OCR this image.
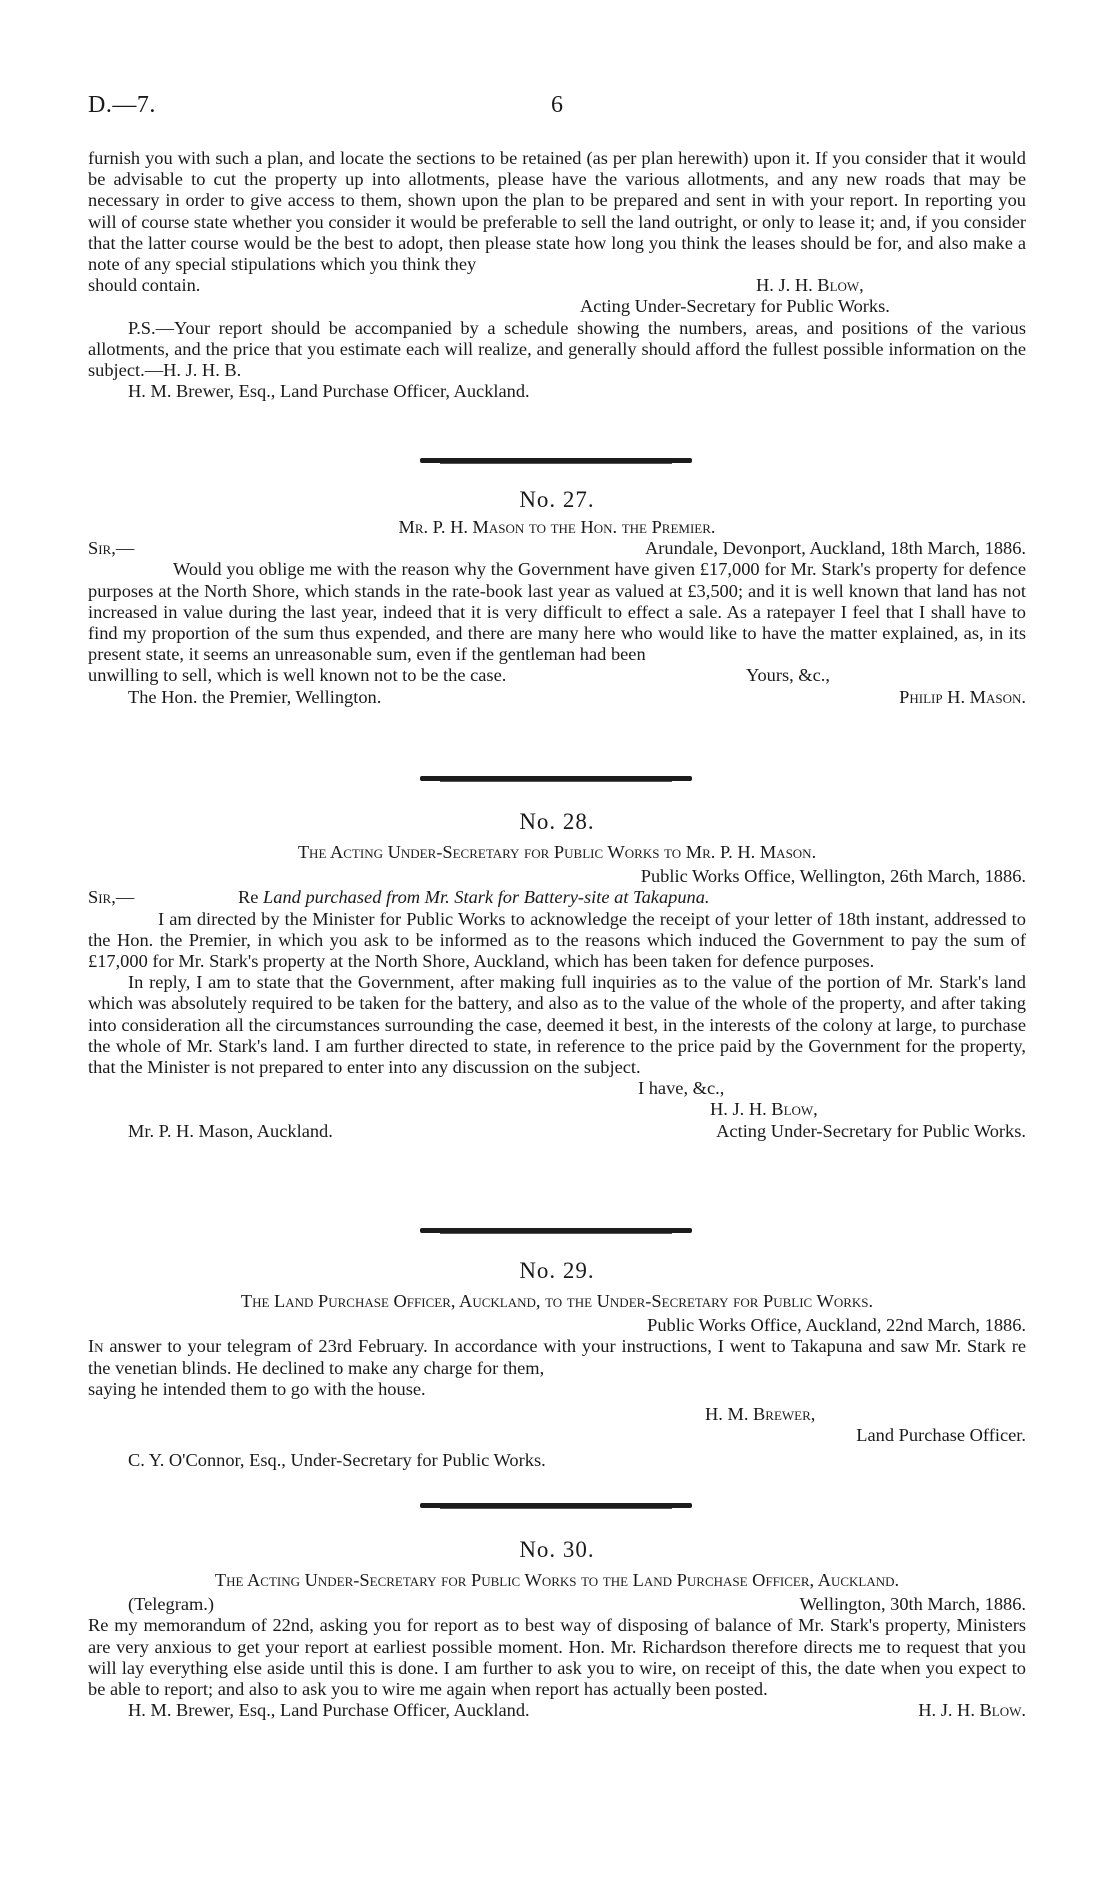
D.—7.	6

furnish you with such a plan, and locate the sections to be retained (as per plan herewith) upon it. If you consider that it would be advisable to cut the property up into allotments, please have the various allotments, and any new roads that may be necessary in order to give access to them, shown upon the plan to be prepared and sent in with your report. In reporting you will of course state whether you consider it would be preferable to sell the land outright, or only to lease it; and, if you consider that the latter course would be the best to adopt, then please state how long you think the leases should be for, and also make a note of any special stipulations which you think they

should contain.	H. J. H. Blow,
Acting Under-Secretary for Public Works.

P.S.—Your report should be accompanied by a schedule showing the numbers, areas, and positions of the various allotments, and the price that you estimate each will realize, and generally should afford the fullest possible information on the subject.—H. J. H. B.

H. M. Brewer, Esq., Land Purchase Officer, Auckland.
No. 27.
Mr. P. H. Mason to the Hon. the Premier.
Sir,—	Arundale, Devonport, Auckland, 18th March, 1886.

Would you oblige me with the reason why the Government have given £17,000 for Mr. Stark's property for defence purposes at the North Shore, which stands in the rate-book last year as valued at £3,500; and it is well known that land has not increased in value during the last year, indeed that it is very difficult to effect a sale. As a ratepayer I feel that I shall have to find my proportion of the sum thus expended, and there are many here who would like to have the matter explained, as, in its present state, it seems an unreasonable sum, even if the gentleman had been

unwilling to sell, which is well known not to be the case.	Yours, &c.,
The Hon. the Premier, Wellington.	Philip H. Mason.
No. 28.
The Acting Under-Secretary for Public Works to Mr. P. H. Mason.
Public Works Office, Wellington, 26th March, 1886.
Sir,—	Re Land purchased from Mr. Stark for Battery-site at Takapuna.

I am directed by the Minister for Public Works to acknowledge the receipt of your letter of 18th instant, addressed to the Hon. the Premier, in which you ask to be informed as to the reasons which induced the Government to pay the sum of £17,000 for Mr. Stark's property at the North Shore, Auckland, which has been taken for defence purposes.

In reply, I am to state that the Government, after making full inquiries as to the value of the portion of Mr. Stark's land which was absolutely required to be taken for the battery, and also as to the value of the whole of the property, and after taking into consideration all the circumstances surrounding the case, deemed it best, in the interests of the colony at large, to purchase the whole of Mr. Stark's land. I am further directed to state, in reference to the price paid by the Government for the property, that the Minister is not prepared to enter into any discussion on the subject.

I have, &c.,
H. J. H. Blow,
Mr. P. H. Mason, Auckland.	Acting Under-Secretary for Public Works.
No. 29.
The Land Purchase Officer, Auckland, to the Under-Secretary for Public Works.
Public Works Office, Auckland, 22nd March, 1886.

In answer to your telegram of 23rd February. In accordance with your instructions, I went to Takapuna and saw Mr. Stark re the venetian blinds. He declined to make any charge for them,

saying he intended them to go with the house.
H. M. Brewer,
Land Purchase Officer.
C. Y. O'Connor, Esq., Under-Secretary for Public Works.
No. 30.
The Acting Under-Secretary for Public Works to the Land Purchase Officer, Auckland.
(Telegram.)	Wellington, 30th March, 1886.

Re my memorandum of 22nd, asking you for report as to best way of disposing of balance of Mr. Stark's property, Ministers are very anxious to get your report at earliest possible moment. Hon. Mr. Richardson therefore directs me to request that you will lay everything else aside until this is done. I am further to ask you to wire, on receipt of this, the date when you expect to be able to report; and also to ask you to wire me again when report has actually been posted.

H. M. Brewer, Esq., Land Purchase Officer, Auckland.	H. J. H. Blow.
